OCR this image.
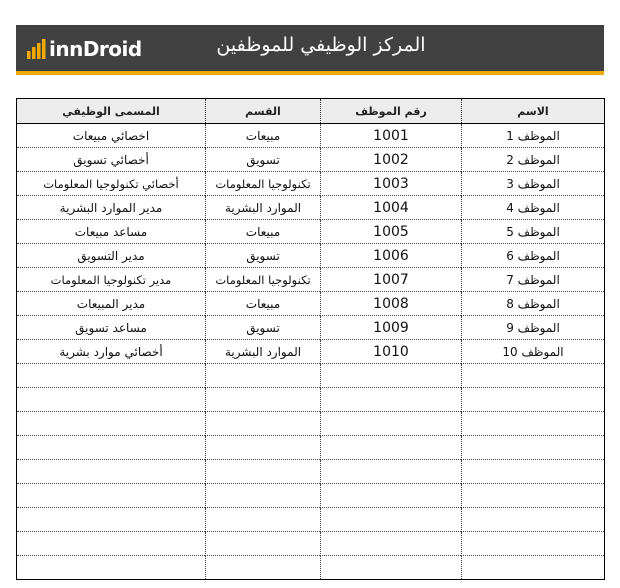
innDroid	المركز الوظيفي للموظفين
الاسم	رقم الموظف	القسم	المسمى الوظيفي
الموظف 1	1001	مبيعات	اخصائي مبيعات
الموظف 2	1002	تسويق	أخصائي تسويق
الموظف 3	1003	تكنولوجيا المعلومات	أخصائي تكنولوجيا المعلومات
الموظف 4	1004	الموارد البشرية	مدير الموارد البشرية
الموظف 5	1005	مبيعات	مساعد مبيعات
الموظف 6	1006	تسويق	مدير التسويق
الموظف 7	1007	تكنولوجيا المعلومات	مدير تكنولوجيا المعلومات
الموظف 8	1008	مبيعات	مدير المبيعات
الموظف 9	1009	تسويق	مساعد تسويق
الموظف 10	1010	الموارد البشرية	أخصائي موارد بشرية
